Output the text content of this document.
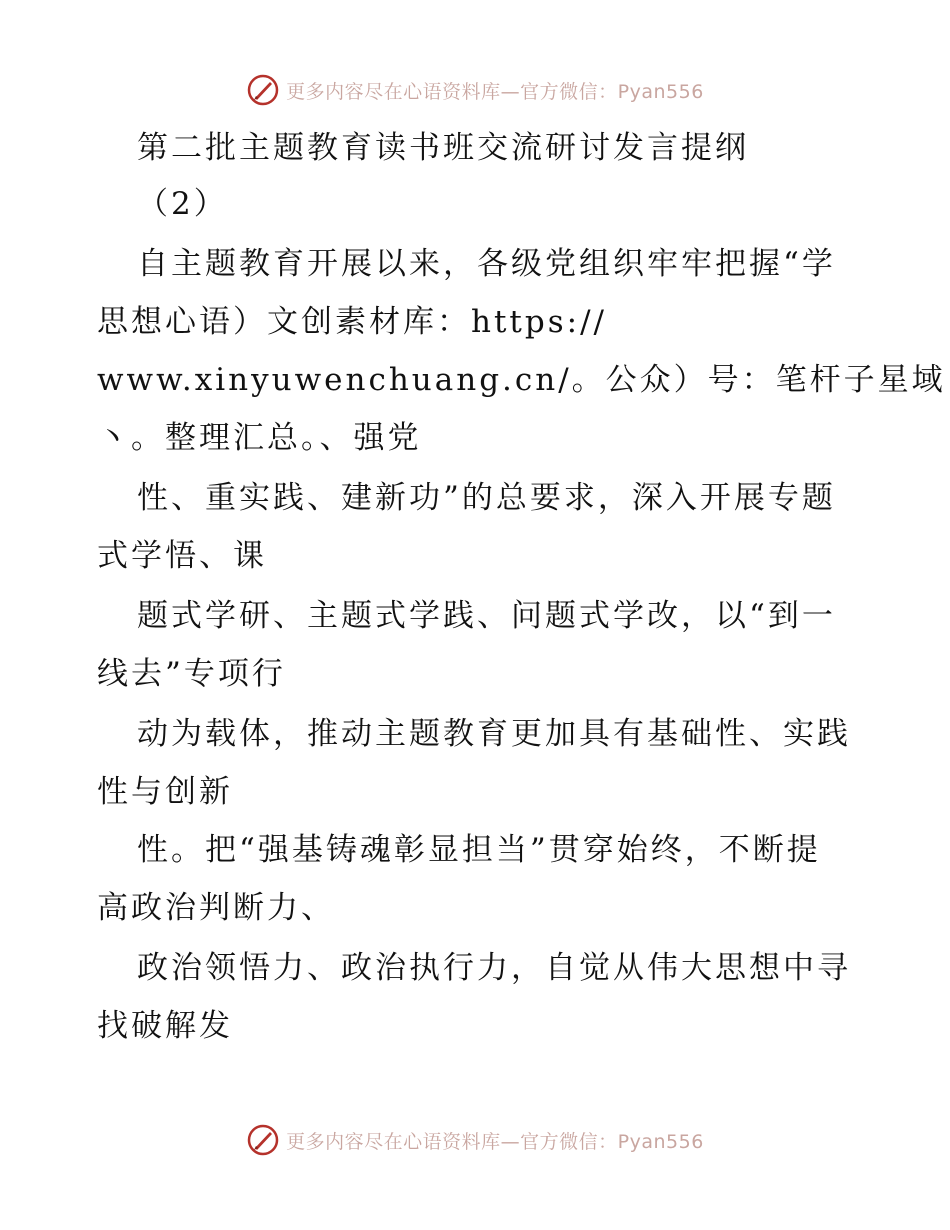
更多内容尽在心语资料库—官方微信：Pyan556
第二批主题教育读书班交流研讨发言提纲
（2）
自主题教育开展以来，各级党组织牢牢把握“学
思想心语）文创素材库：https://
www.xinyuwenchuang.cn/。公众）号：笔杆子星域
丶。整理汇总。、强党
性、重实践、建新功”的总要求，深入开展专题
式学悟、课
题式学研、主题式学践、问题式学改，以“到一
线去”专项行
动为载体，推动主题教育更加具有基础性、实践
性与创新
性。把“强基铸魂彰显担当”贯穿始终，不断提
高政治判断力、
政治领悟力、政治执行力，自觉从伟大思想中寻
找破解发
更多内容尽在心语资料库—官方微信：Pyan556
